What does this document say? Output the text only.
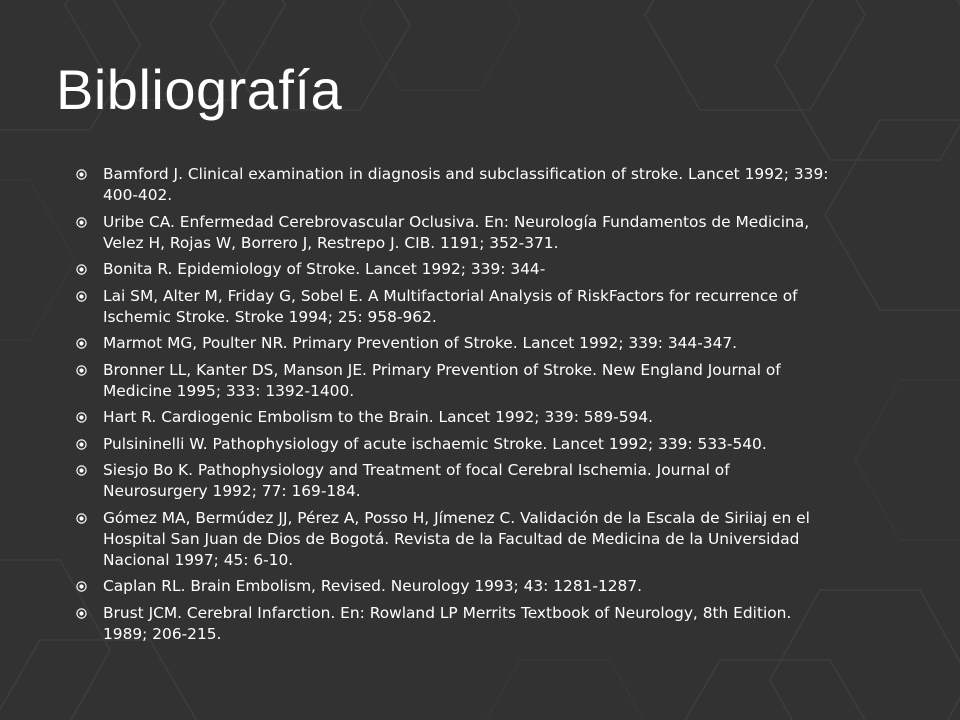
Bibliografía
Bamford J. Clinical examination in diagnosis and subclassification of stroke. Lancet 1992; 339: 400-402.
Uribe CA. Enfermedad Cerebrovascular Oclusiva. En: Neurología Fundamentos de Medicina, Velez H, Rojas W, Borrero J, Restrepo J. CIB. 1191; 352-371.
Bonita R. Epidemiology of Stroke. Lancet 1992; 339: 344-
Lai SM, Alter M, Friday G, Sobel E. A Multifactorial Analysis of RiskFactors for recurrence of Ischemic Stroke. Stroke 1994; 25: 958-962.
Marmot MG, Poulter NR. Primary Prevention of Stroke. Lancet 1992; 339: 344-347.
Bronner LL, Kanter DS, Manson JE. Primary Prevention of Stroke. New England Journal of Medicine 1995; 333: 1392-1400.
Hart R. Cardiogenic Embolism to the Brain. Lancet 1992; 339: 589-594.
Pulsininelli W. Pathophysiology of acute ischaemic Stroke. Lancet 1992; 339: 533-540.
Siesjo Bo K. Pathophysiology and Treatment of focal Cerebral Ischemia. Journal of Neurosurgery 1992; 77: 169-184.
Gómez MA, Bermúdez JJ, Pérez A, Posso H, Jímenez C. Validación de la Escala de Siriiaj en el Hospital San Juan de Dios de Bogotá. Revista de la Facultad de Medicina de la Universidad Nacional 1997; 45: 6-10.
Caplan RL. Brain Embolism, Revised. Neurology 1993; 43: 1281-1287.
Brust JCM. Cerebral Infarction. En: Rowland LP Merrits Textbook of Neurology, 8th Edition. 1989; 206-215.
